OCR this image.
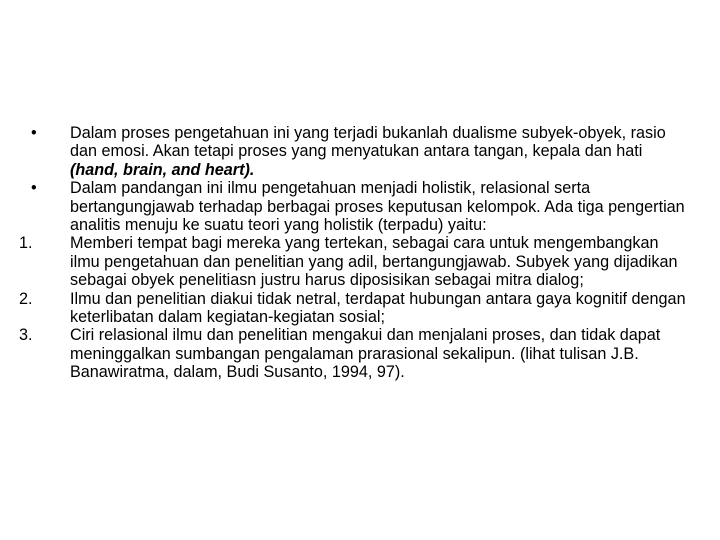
• Dalam proses pengetahuan ini yang terjadi bukanlah dualisme subyek-obyek, rasio dan emosi. Akan tetapi proses yang menyatukan antara tangan, kepala dan hati (hand, brain, and heart).

• Dalam pandangan ini ilmu pengetahuan menjadi holistik, relasional serta bertangungjawab terhadap berbagai proses keputusan kelompok. Ada tiga pengertian analitis menuju ke suatu teori yang holistik (terpadu) yaitu:

1. Memberi tempat bagi mereka yang tertekan, sebagai cara untuk mengembangkan ilmu pengetahuan dan penelitian yang adil, bertangungjawab. Subyek yang dijadikan sebagai obyek penelitiasn justru harus diposisikan sebagai mitra dialog;

2. Ilmu dan penelitian diakui tidak netral, terdapat hubungan antara gaya kognitif dengan keterlibatan dalam kegiatan-kegiatan sosial;

3. Ciri relasional ilmu dan penelitian mengakui dan menjalani proses, dan tidak dapat meninggalkan sumbangan pengalaman prarasional sekalipun. (lihat tulisan J.B. Banawiratma, dalam, Budi Susanto, 1994, 97).
